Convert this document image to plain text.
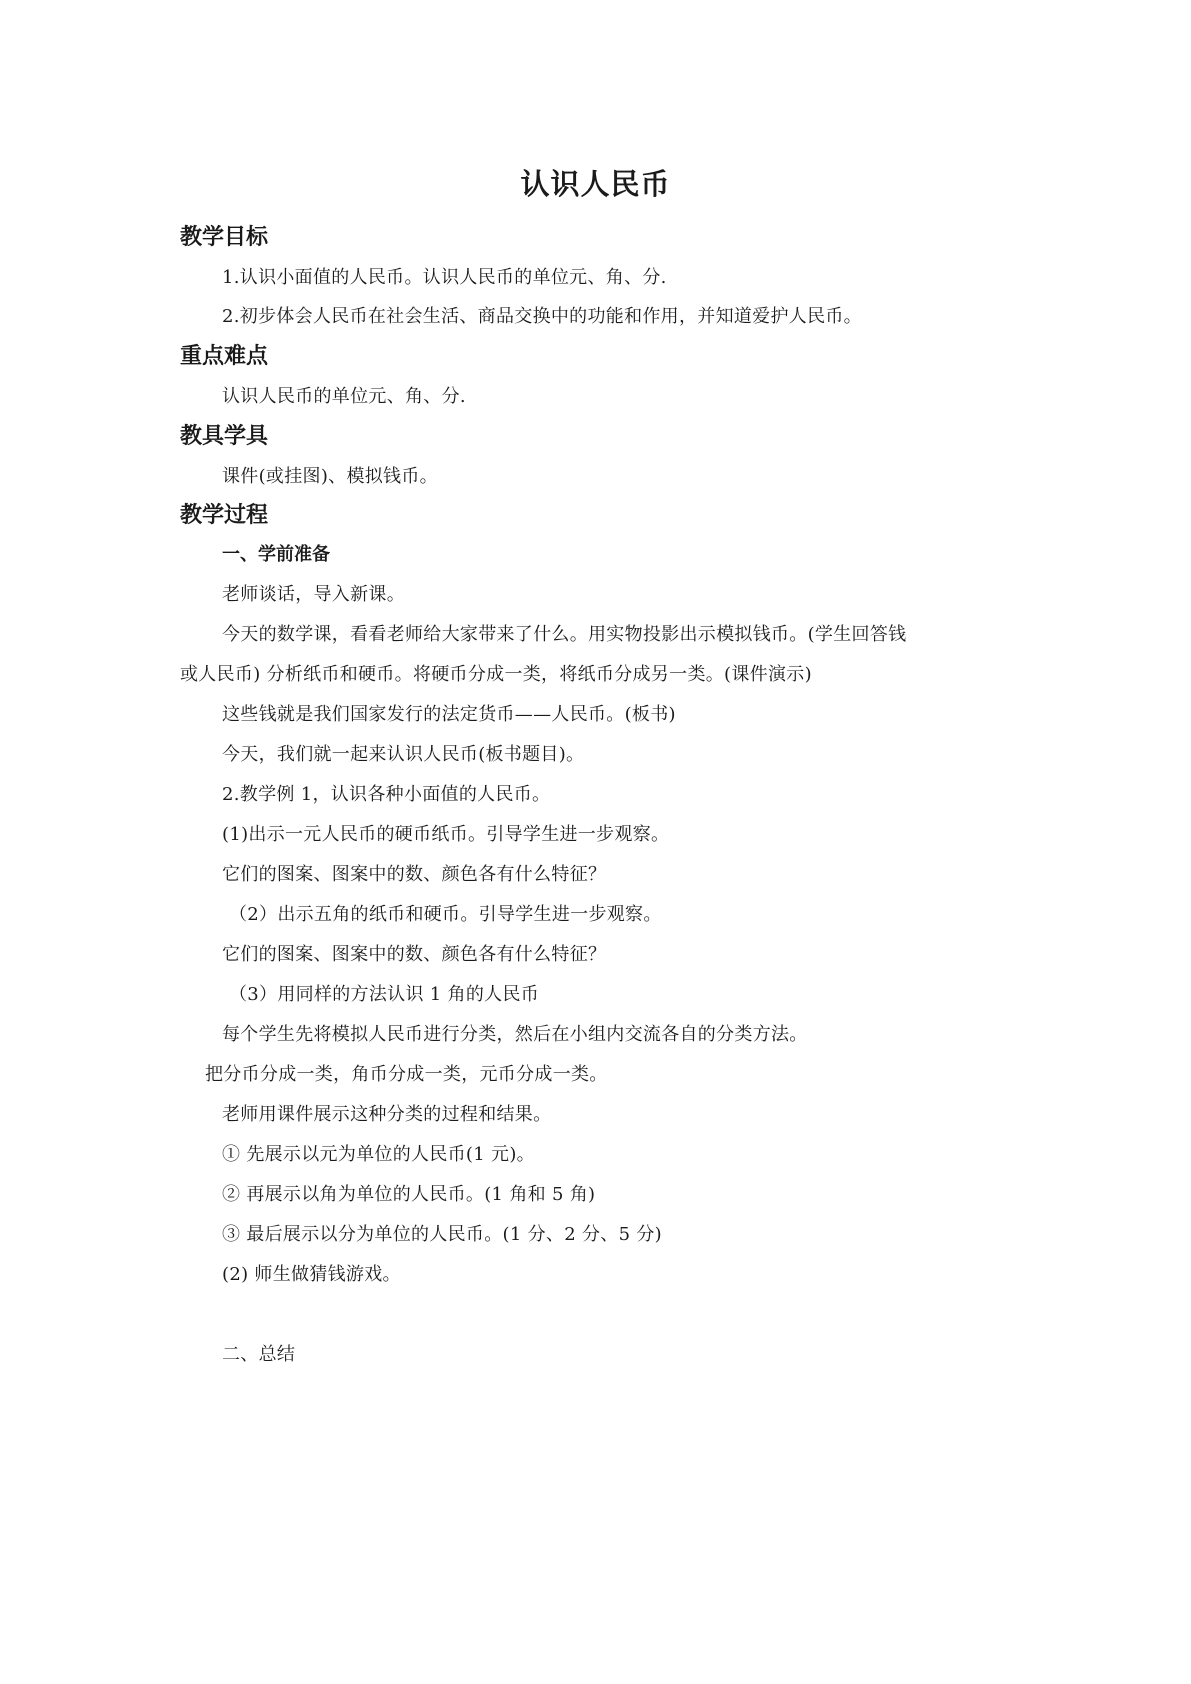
认识人民币
教学目标
1.认识小面值的人民币。认识人民币的单位元、角、分.
2.初步体会人民币在社会生活、商品交换中的功能和作用，并知道爱护人民币。
重点难点
认识人民币的单位元、角、分.
教具学具
课件(或挂图)、模拟钱币。
教学过程
一、学前准备
老师谈话，导入新课。
今天的数学课，看看老师给大家带来了什么。用实物投影出示模拟钱币。(学生回答钱
或人民币) 分析纸币和硬币。将硬币分成一类，将纸币分成另一类。(课件演示)
这些钱就是我们国家发行的法定货币——人民币。(板书)
今天，我们就一起来认识人民币(板书题目)。
2.教学例 1，认识各种小面值的人民币。
(1)出示一元人民币的硬币纸币。引导学生进一步观察。
它们的图案、图案中的数、颜色各有什么特征？
（2）出示五角的纸币和硬币。引导学生进一步观察。
它们的图案、图案中的数、颜色各有什么特征？
（3）用同样的方法认识 1 角的人民币
每个学生先将模拟人民币进行分类，然后在小组内交流各自的分类方法。
把分币分成一类，角币分成一类，元币分成一类。
老师用课件展示这种分类的过程和结果。
① 先展示以元为单位的人民币(1 元)。
② 再展示以角为单位的人民币。(1 角和 5 角)
③ 最后展示以分为单位的人民币。(1 分、2 分、5 分)
(2) 师生做猜钱游戏。
二、总结
